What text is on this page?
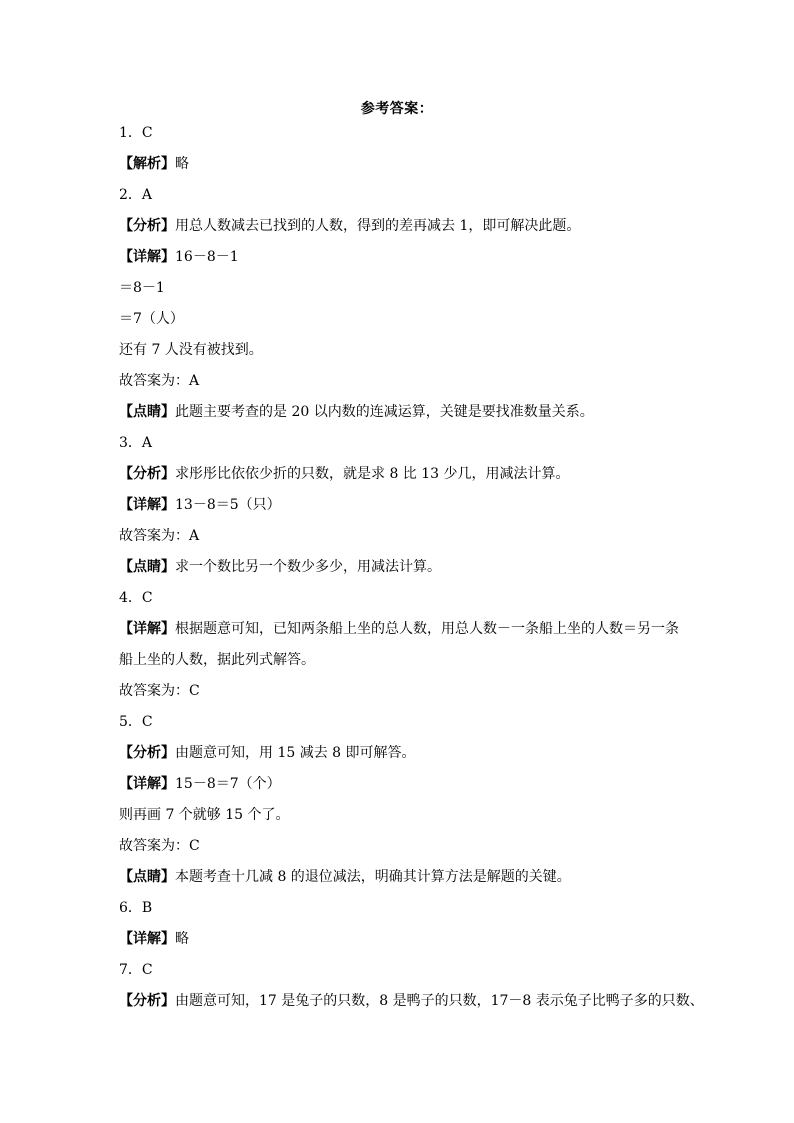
参考答案：
1．C
【解析】略
2．A
【分析】用总人数减去已找到的人数，得到的差再减去 1，即可解决此题。
【详解】16－8－1
＝8－1
＝7（人）
还有 7 人没有被找到。
故答案为：A
【点睛】此题主要考查的是 20 以内数的连减运算，关键是要找准数量关系。
3．A
【分析】求彤彤比依依少折的只数，就是求 8 比 13 少几，用减法计算。
【详解】13－8＝5（只）
故答案为：A
【点睛】求一个数比另一个数少多少，用减法计算。
4．C
【详解】根据题意可知，已知两条船上坐的总人数，用总人数－一条船上坐的人数＝另一条
船上坐的人数，据此列式解答。
故答案为：C
5．C
【分析】由题意可知，用 15 减去 8 即可解答。
【详解】15－8＝7（个）
则再画 7 个就够 15 个了。
故答案为：C
【点睛】本题考查十几减 8 的退位减法，明确其计算方法是解题的关键。
6．B
【详解】略
7．C
【分析】由题意可知，17 是兔子的只数，8 是鸭子的只数，17－8 表示兔子比鸭子多的只数、
